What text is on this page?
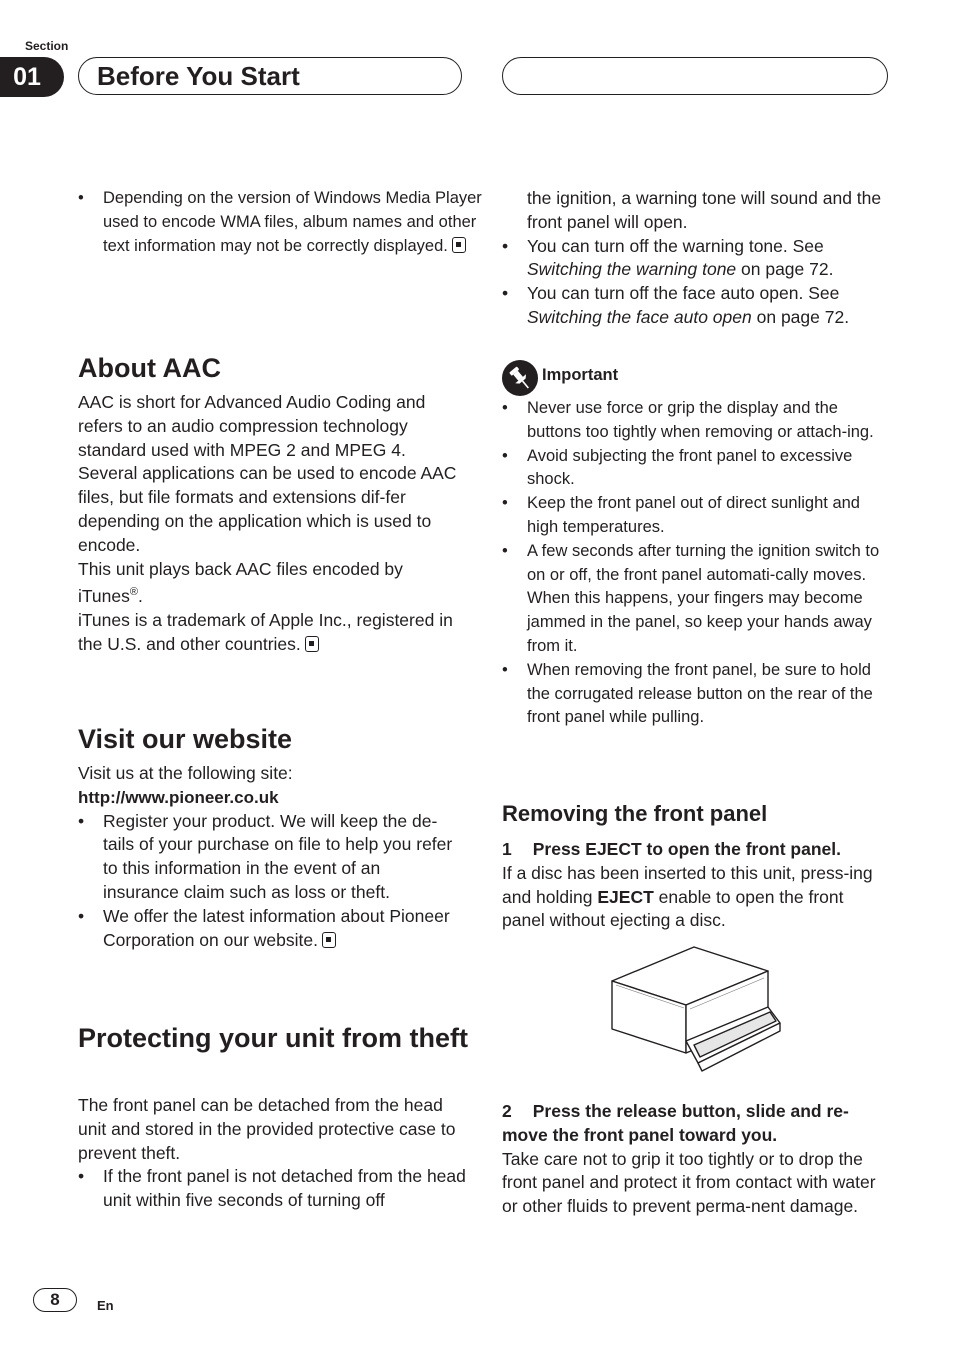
Section
01	Before You Start
• Depending on the version of Windows Media Player used to encode WMA files, album names and other text information may not be correctly displayed.
About AAC
AAC is short for Advanced Audio Coding and refers to an audio compression technology standard used with MPEG 2 and MPEG 4. Several applications can be used to encode AAC files, but file formats and extensions dif-fer depending on the application which is used to encode.
This unit plays back AAC files encoded by iTunes®.
iTunes is a trademark of Apple Inc., registered in the U.S. and other countries.
Visit our website
Visit us at the following site:
http://www.pioneer.co.uk
• Register your product. We will keep the de-tails of your purchase on file to help you refer to this information in the event of an insurance claim such as loss or theft.
• We offer the latest information about Pioneer Corporation on our website.
Protecting your unit from theft
The front panel can be detached from the head unit and stored in the provided protective case to prevent theft.
• If the front panel is not detached from the head unit within five seconds of turning off
the ignition, a warning tone will sound and the front panel will open.
• You can turn off the warning tone. See Switching the warning tone on page 72.
• You can turn off the face auto open. See Switching the face auto open on page 72.
Important
• Never use force or grip the display and the buttons too tightly when removing or attach-ing.
• Avoid subjecting the front panel to excessive shock.
• Keep the front panel out of direct sunlight and high temperatures.
• A few seconds after turning the ignition switch to on or off, the front panel automati-cally moves. When this happens, your fingers may become jammed in the panel, so keep your hands away from it.
• When removing the front panel, be sure to hold the corrugated release button on the rear of the front panel while pulling.
Removing the front panel
1 Press EJECT to open the front panel.
If a disc has been inserted to this unit, press-ing and holding EJECT enable to open the front panel without ejecting a disc.
2 Press the release button, slide and re-move the front panel toward you.
Take care not to grip it too tightly or to drop the front panel and protect it from contact with water or other fluids to prevent perma-nent damage.
8	En
